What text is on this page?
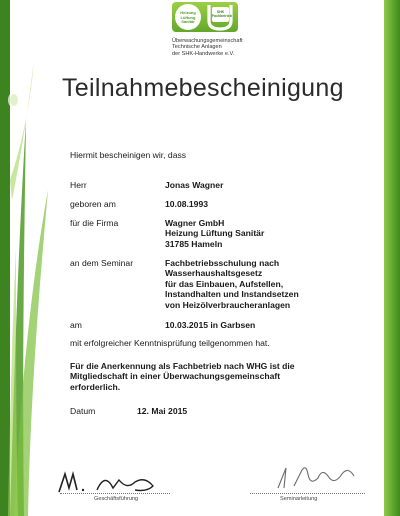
Heizung
Lüftung
Sanitär
SHK
Fachbetrieb
Überwachungsgemeinschaft
Technische Anlagen
der SHK-Handwerke e.V.
Teilnahmebescheinigung
Hiermit bescheinigen wir, dass
Herr	Jonas Wagner
geboren am	10.08.1993
für die Firma	Wagner GmbH
Heizung Lüftung Sanitär
31785 Hameln
an dem Seminar	Fachbetriebsschulung nach
Wasserhaushaltsgesetz
für das Einbauen, Aufstellen,
Instandhalten und Instandsetzen
von Heizölverbraucheranlagen
am	10.03.2015 in Garbsen
mit erfolgreicher Kenntnisprüfung teilgenommen hat.
Für die Anerkennung als Fachbetrieb nach WHG ist die
Mitgliedschaft in einer Überwachungsgemeinschaft
erforderlich.
Datum	12. Mai 2015
Geschäftsführung	Seminarleitung
